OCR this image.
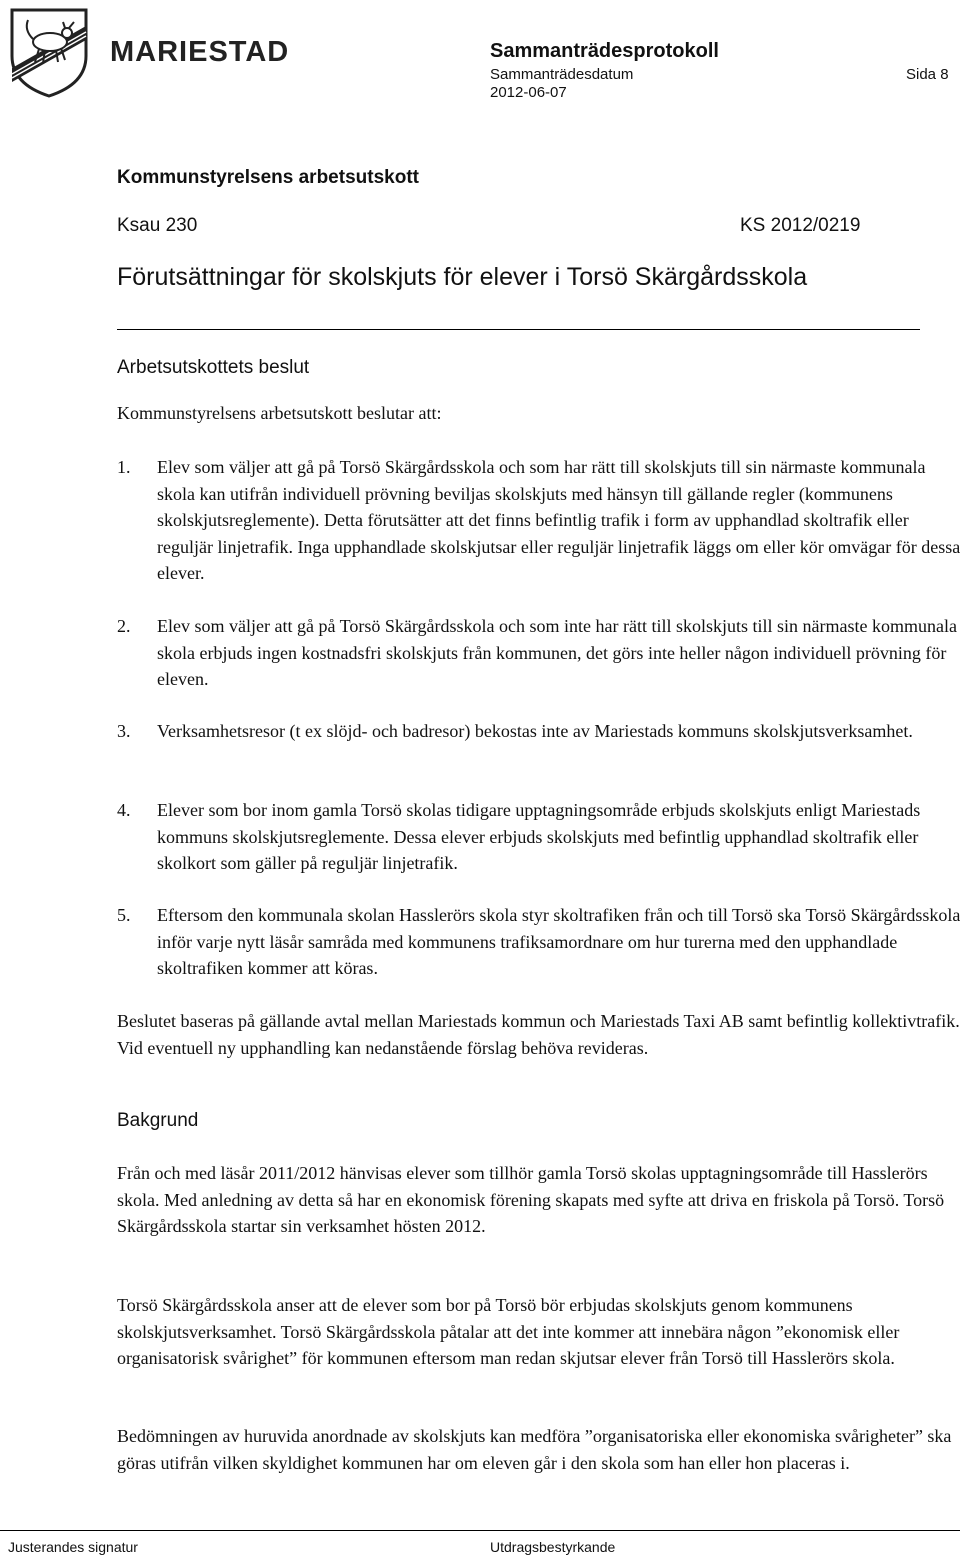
MARIESTAD	Sammanträdesprotokoll
Sammanträdesdatum
2012-06-07
Sida 8
Kommunstyrelsens arbetsutskott
Ksau 230	KS 2012/0219
Förutsättningar för skolskjuts för elever i Torsö Skärgårdsskola
Arbetsutskottets beslut
Kommunstyrelsens arbetsutskott beslutar att:
1.	Elev som väljer att gå på Torsö Skärgårdsskola och som har rätt till skolskjuts till sin närmaste kommunala skola kan utifrån individuell prövning beviljas skolskjuts med hänsyn till gällande regler (kommunens skolskjutsreglemente). Detta förutsätter att det finns befintlig trafik i form av upphandlad skoltrafik eller reguljär linjetrafik. Inga upphandlade skolskjutsar eller reguljär linjetrafik läggs om eller kör omvägar för dessa elever.
2.	Elev som väljer att gå på Torsö Skärgårdsskola och som inte har rätt till skolskjuts till sin närmaste kommunala skola erbjuds ingen kostnadsfri skolskjuts från kommunen, det görs inte heller någon individuell prövning för eleven.
3.	Verksamhetsresor (t ex slöjd- och badresor) bekostas inte av Mariestads kommuns skolskjutsverksamhet.
4.	Elever som bor inom gamla Torsö skolas tidigare upptagningsområde erbjuds skolskjuts enligt Mariestads kommuns skolskjutsreglemente. Dessa elever erbjuds skolskjuts med befintlig upphandlad skoltrafik eller skolkort som gäller på reguljär linjetrafik.
5.	Eftersom den kommunala skolan Hasslerörs skola styr skoltrafiken från och till Torsö ska Torsö Skärgårdsskola inför varje nytt läsår samråda med kommunens trafiksamordnare om hur turerna med den upphandlade skoltrafiken kommer att köras.
Beslutet baseras på gällande avtal mellan Mariestads kommun och Mariestads Taxi AB samt befintlig kollektivtrafik. Vid eventuell ny upphandling kan nedanstående förslag behöva revideras.
Bakgrund
Från och med läsår 2011/2012 hänvisas elever som tillhör gamla Torsö skolas upptagningsområde till Hasslerörs skola. Med anledning av detta så har en ekonomisk förening skapats med syfte att driva en friskola på Torsö. Torsö Skärgårdsskola startar sin verksamhet hösten 2012.
Torsö Skärgårdsskola anser att de elever som bor på Torsö bör erbjudas skolskjuts genom kommunens skolskjutsverksamhet. Torsö Skärgårdsskola påtalar att det inte kommer att innebära någon ”ekonomisk eller organisatorisk svårighet” för kommunen eftersom man redan skjutsar elever från Torsö till Hasslerörs skola.
Bedömningen av huruvida anordnade av skolskjuts kan medföra ”organisatoriska eller ekonomiska svårigheter” ska göras utifrån vilken skyldighet kommunen har om eleven går i den skola som han eller hon placeras i.
Justerandes signatur	Utdragsbestyrkande
